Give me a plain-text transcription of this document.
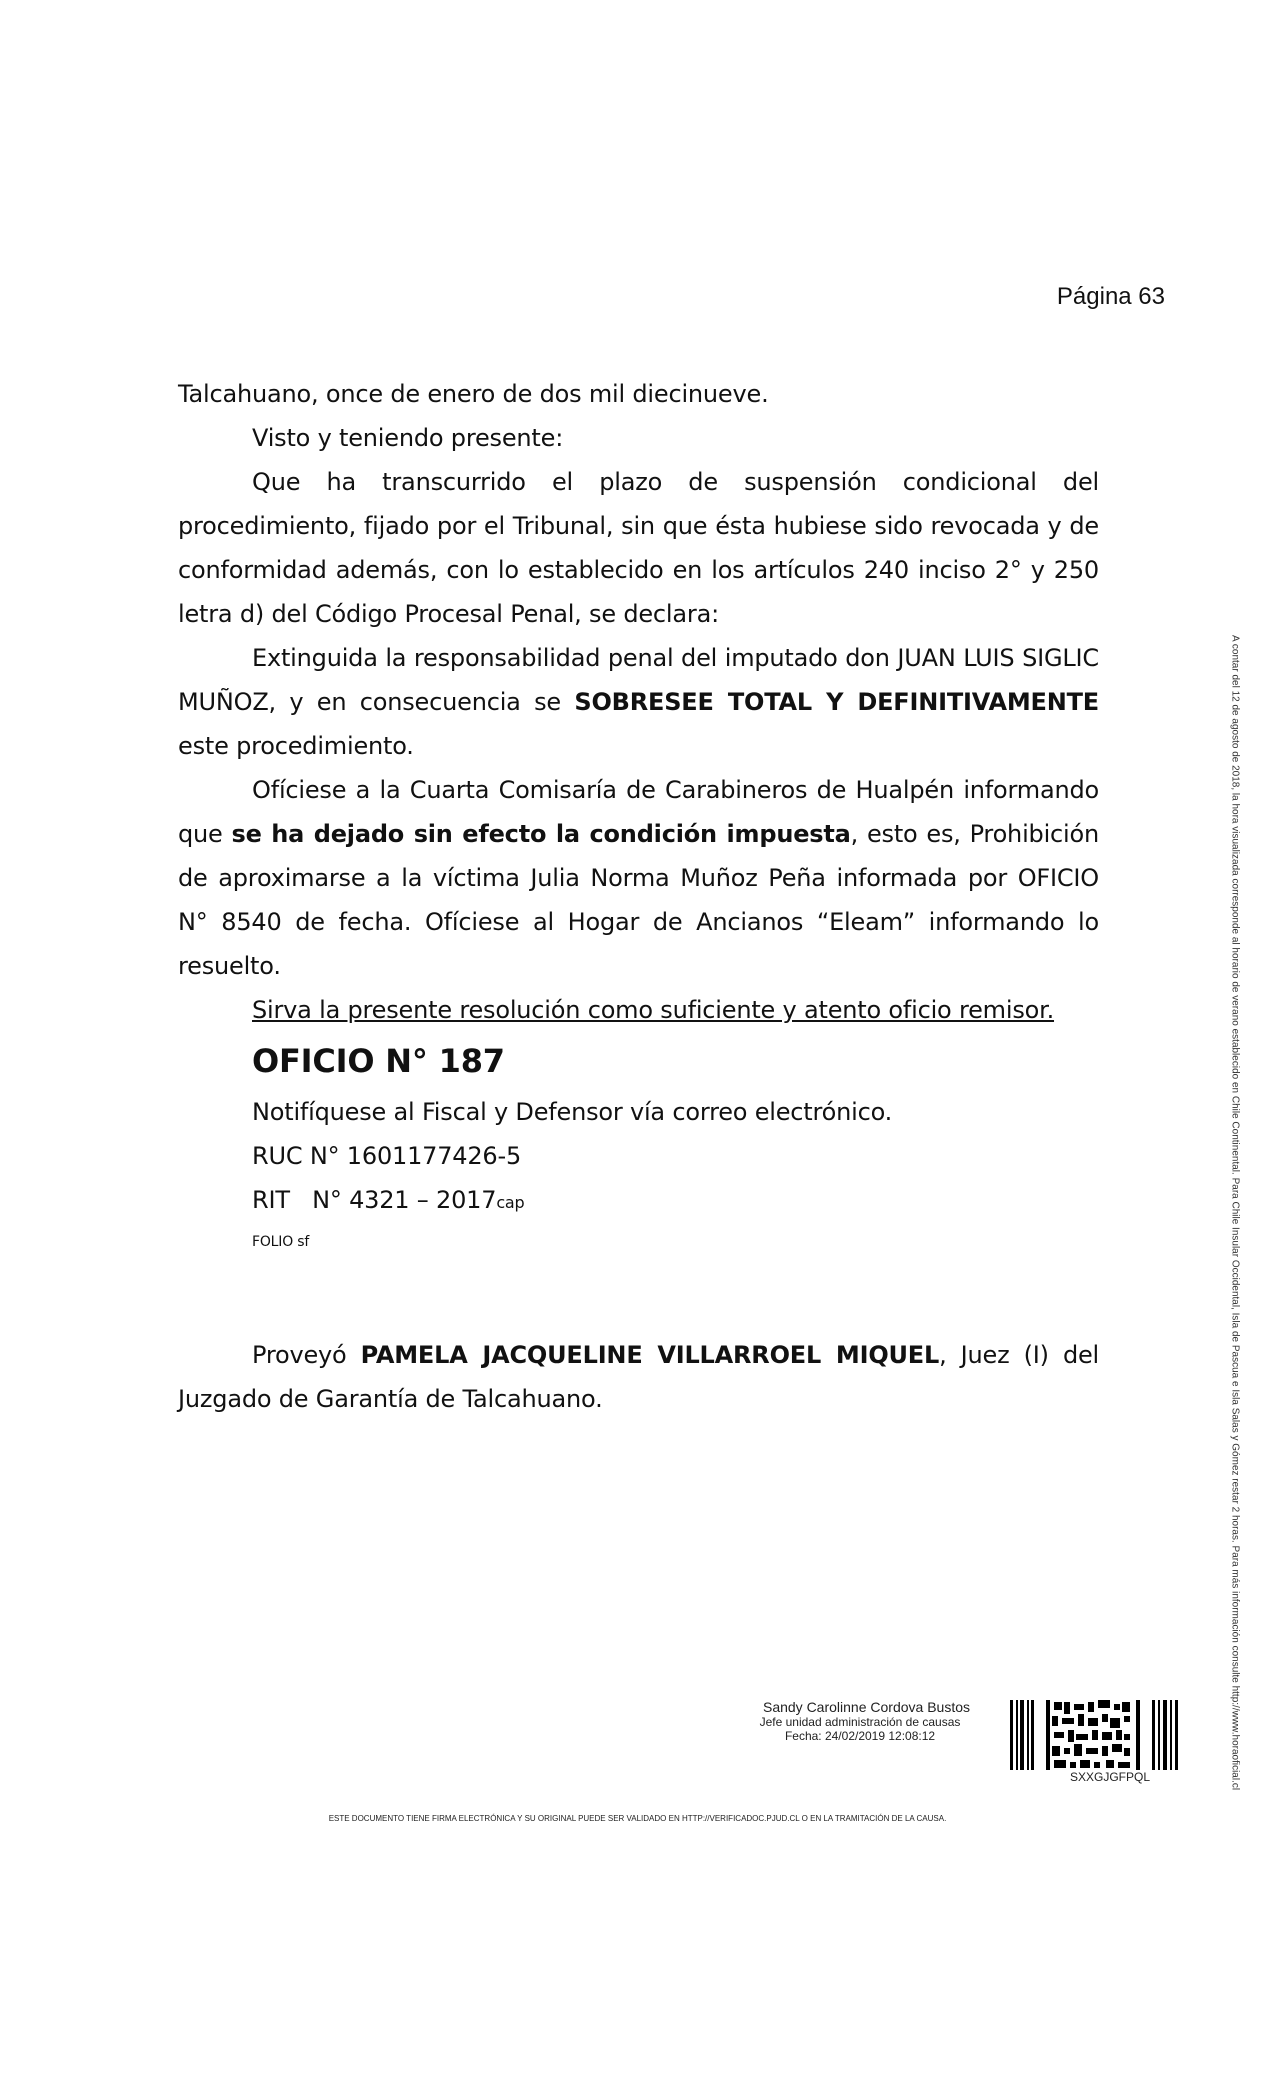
Página 63

Talcahuano, once de enero de dos mil diecinueve.

Visto y teniendo presente:

Que ha transcurrido el plazo de suspensión condicional del procedimiento, fijado por el Tribunal, sin que ésta hubiese sido revocada y de conformidad además, con lo establecido en los artículos 240 inciso 2° y 250 letra d) del Código Procesal Penal, se declara:

Extinguida la responsabilidad penal del imputado don JUAN LUIS SIGLIC MUÑOZ, y en consecuencia se SOBRESEE TOTAL Y DEFINITIVAMENTE este procedimiento.

Ofíciese a la Cuarta Comisaría de Carabineros de Hualpén informando que se ha dejado sin efecto la condición impuesta, esto es, Prohibición de aproximarse a la víctima Julia Norma Muñoz Peña informada por OFICIO N° 8540 de fecha. Ofíciese al Hogar de Ancianos “Eleam” informando lo resuelto.

Sirva la presente resolución como suficiente y atento oficio remisor.

OFICIO N° 187

Notifíquese al Fiscal y Defensor vía correo electrónico.

RUC N° 1601177426-5

RIT   N° 4321 – 2017cap

FOLIO sf

Proveyó PAMELA JACQUELINE VILLARROEL MIQUEL, Juez (I) del Juzgado de Garantía de Talcahuano.	A contar del 12 de agosto de 2018, la hora visualizada corresponde al horario de verano establecido en Chile Continental. Para Chile Insular Occidental, Isla de Pascua e Isla Salas y Gómez restar 2 horas. Para más información consulte http://www.horaoficial.cl
Sandy Carolinne Cordova Bustos
Jefe unidad administración de causas
Fecha: 24/02/2019 12:08:12
SXXGJGFPQL
ESTE DOCUMENTO TIENE FIRMA ELECTRÓNICA Y SU ORIGINAL PUEDE SER VALIDADO EN HTTP://VERIFICADOC.PJUD.CL O EN LA TRAMITACIÓN DE LA CAUSA.
